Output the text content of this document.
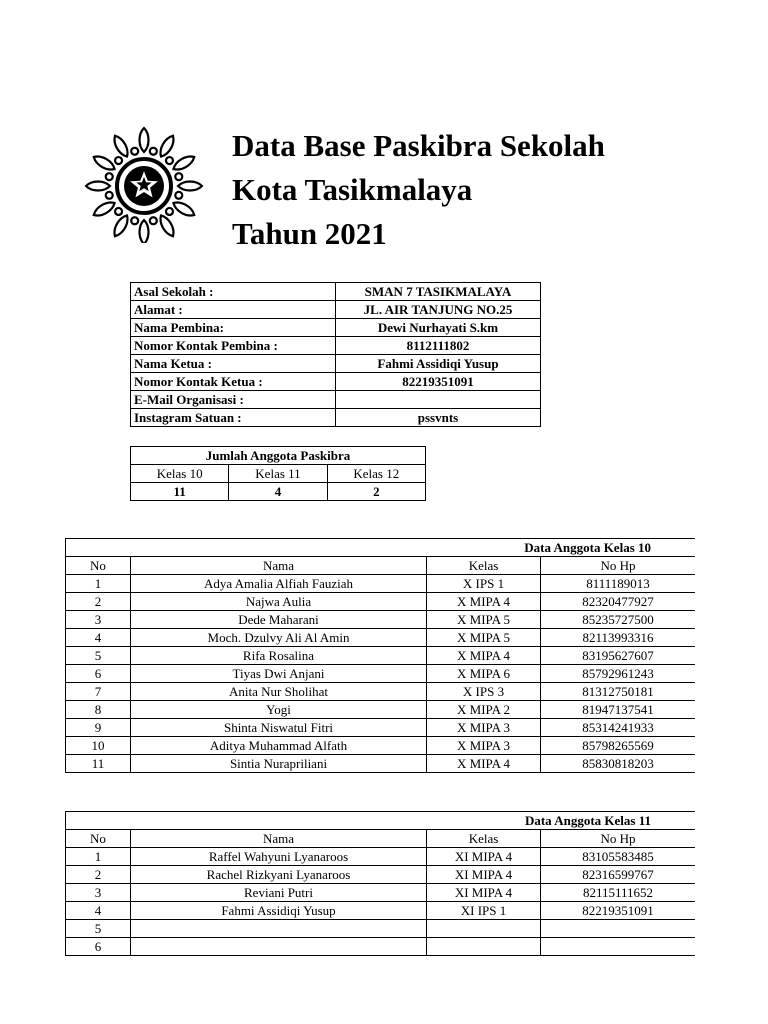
Data Base Paskibra Sekolah
Kota Tasikmalaya
Tahun 2021
Asal Sekolah :	SMAN 7 TASIKMALAYA
Alamat :	JL. AIR TANJUNG NO.25
Nama Pembina:	Dewi Nurhayati S.km
Nomor Kontak Pembina :	8112111802
Nama Ketua :	Fahmi Assidiqi Yusup
Nomor Kontak Ketua :	82219351091
E-Mail Organisasi :	
Instagram Satuan :	pssvnts
Jumlah Anggota Paskibra		
Kelas 10	Kelas 11	Kelas 12
11	4	2
Data Anggota Kelas 10			
No	Nama	Kelas	No Hp
1	Adya Amalia Alfiah Fauziah	X IPS 1	8111189013
2	Najwa Aulia	X MIPA 4	82320477927
3	Dede Maharani	X MIPA 5	85235727500
4	Moch. Dzulvy Ali Al Amin	X MIPA 5	82113993316
5	Rifa Rosalina	X MIPA 4	83195627607
6	Tiyas Dwi Anjani	X MIPA 6	85792961243
7	Anita Nur Sholihat	X IPS 3	81312750181
8	Yogi	X MIPA 2	81947137541
9	Shinta Niswatul Fitri	X MIPA 3	85314241933
10	Aditya Muhammad Alfath	X MIPA 3	85798265569
11	Sintia Nurapriliani	X MIPA 4	85830818203
Data Anggota Kelas 11			
No	Nama	Kelas	No Hp
1	Raffel Wahyuni Lyanaroos	XI MIPA 4	83105583485
2	Rachel Rizkyani Lyanaroos	XI MIPA 4	82316599767
3	Reviani Putri	XI MIPA 4	82115111652
4	Fahmi Assidiqi Yusup	XI IPS 1	82219351091
5			
6			
